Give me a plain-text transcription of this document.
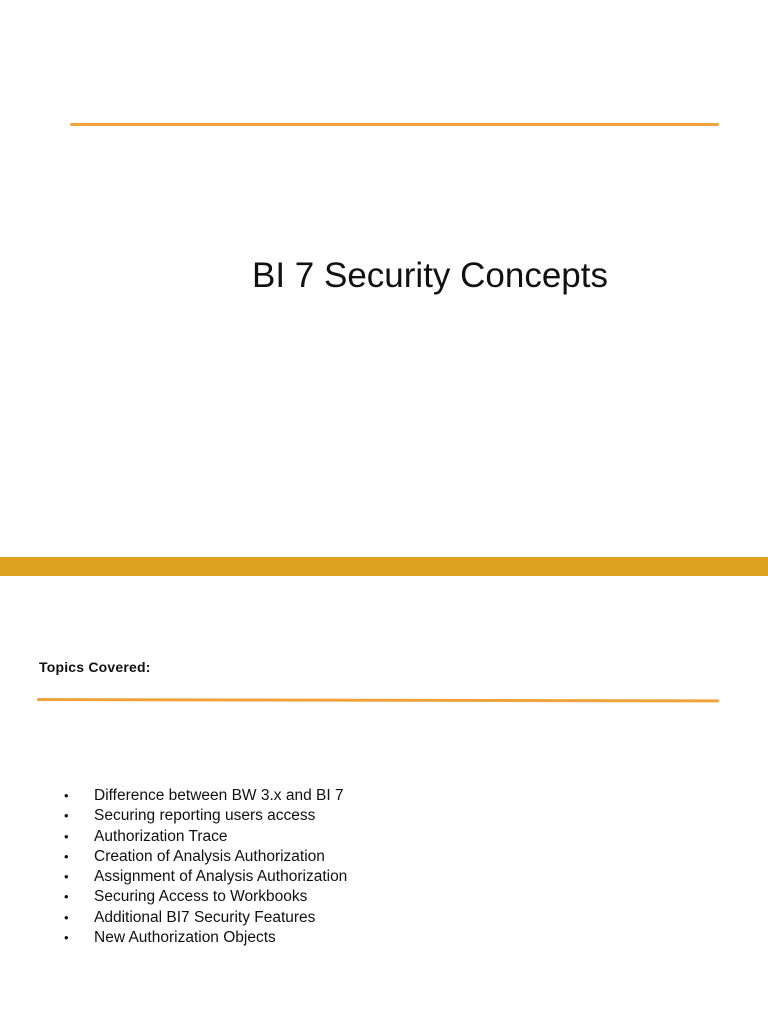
BI 7 Security Concepts
Topics Covered:
• Difference between BW 3.x and BI 7
• Securing reporting users access
• Authorization Trace
• Creation of Analysis Authorization
• Assignment of Analysis Authorization
• Securing Access to Workbooks
• Additional BI7 Security Features
• New Authorization Objects
